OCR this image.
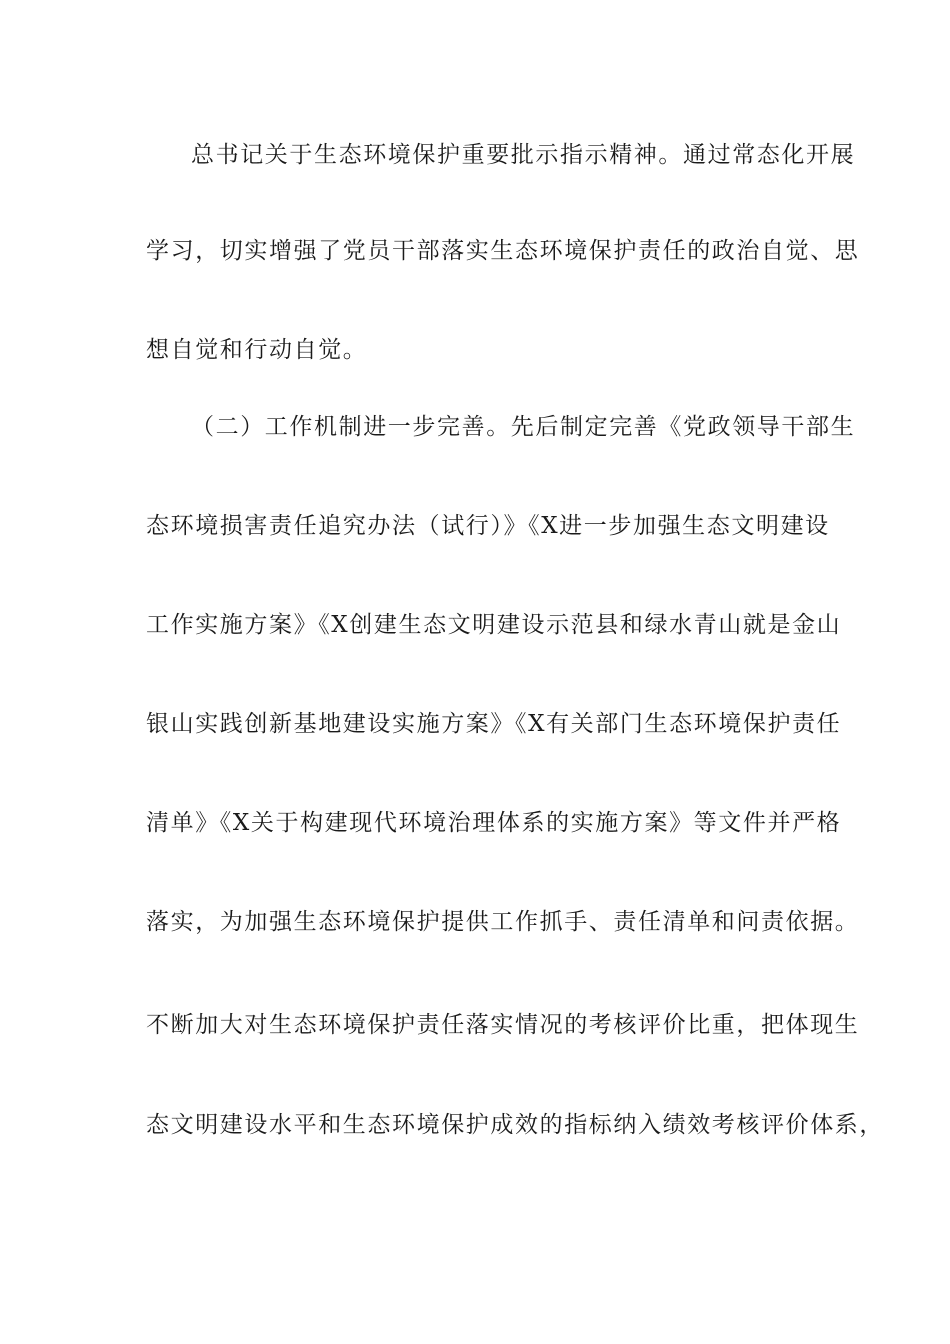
总书记关于生态环境保护重要批示指示精神。通过常态化开展
学习，切实增强了党员干部落实生态环境保护责任的政治自觉、思
想自觉和行动自觉。
（二）工作机制进一步完善。先后制定完善《党政领导干部生
态环境损害责任追究办法（试行）》《X进一步加强生态文明建设
工作实施方案》《X创建生态文明建设示范县和绿水青山就是金山
银山实践创新基地建设实施方案》《X有关部门生态环境保护责任
清单》《X关于构建现代环境治理体系的实施方案》等文件并严格
落实，为加强生态环境保护提供工作抓手、责任清单和问责依据。
不断加大对生态环境保护责任落实情况的考核评价比重，把体现生
态文明建设水平和生态环境保护成效的指标纳入绩效考核评价体系，
